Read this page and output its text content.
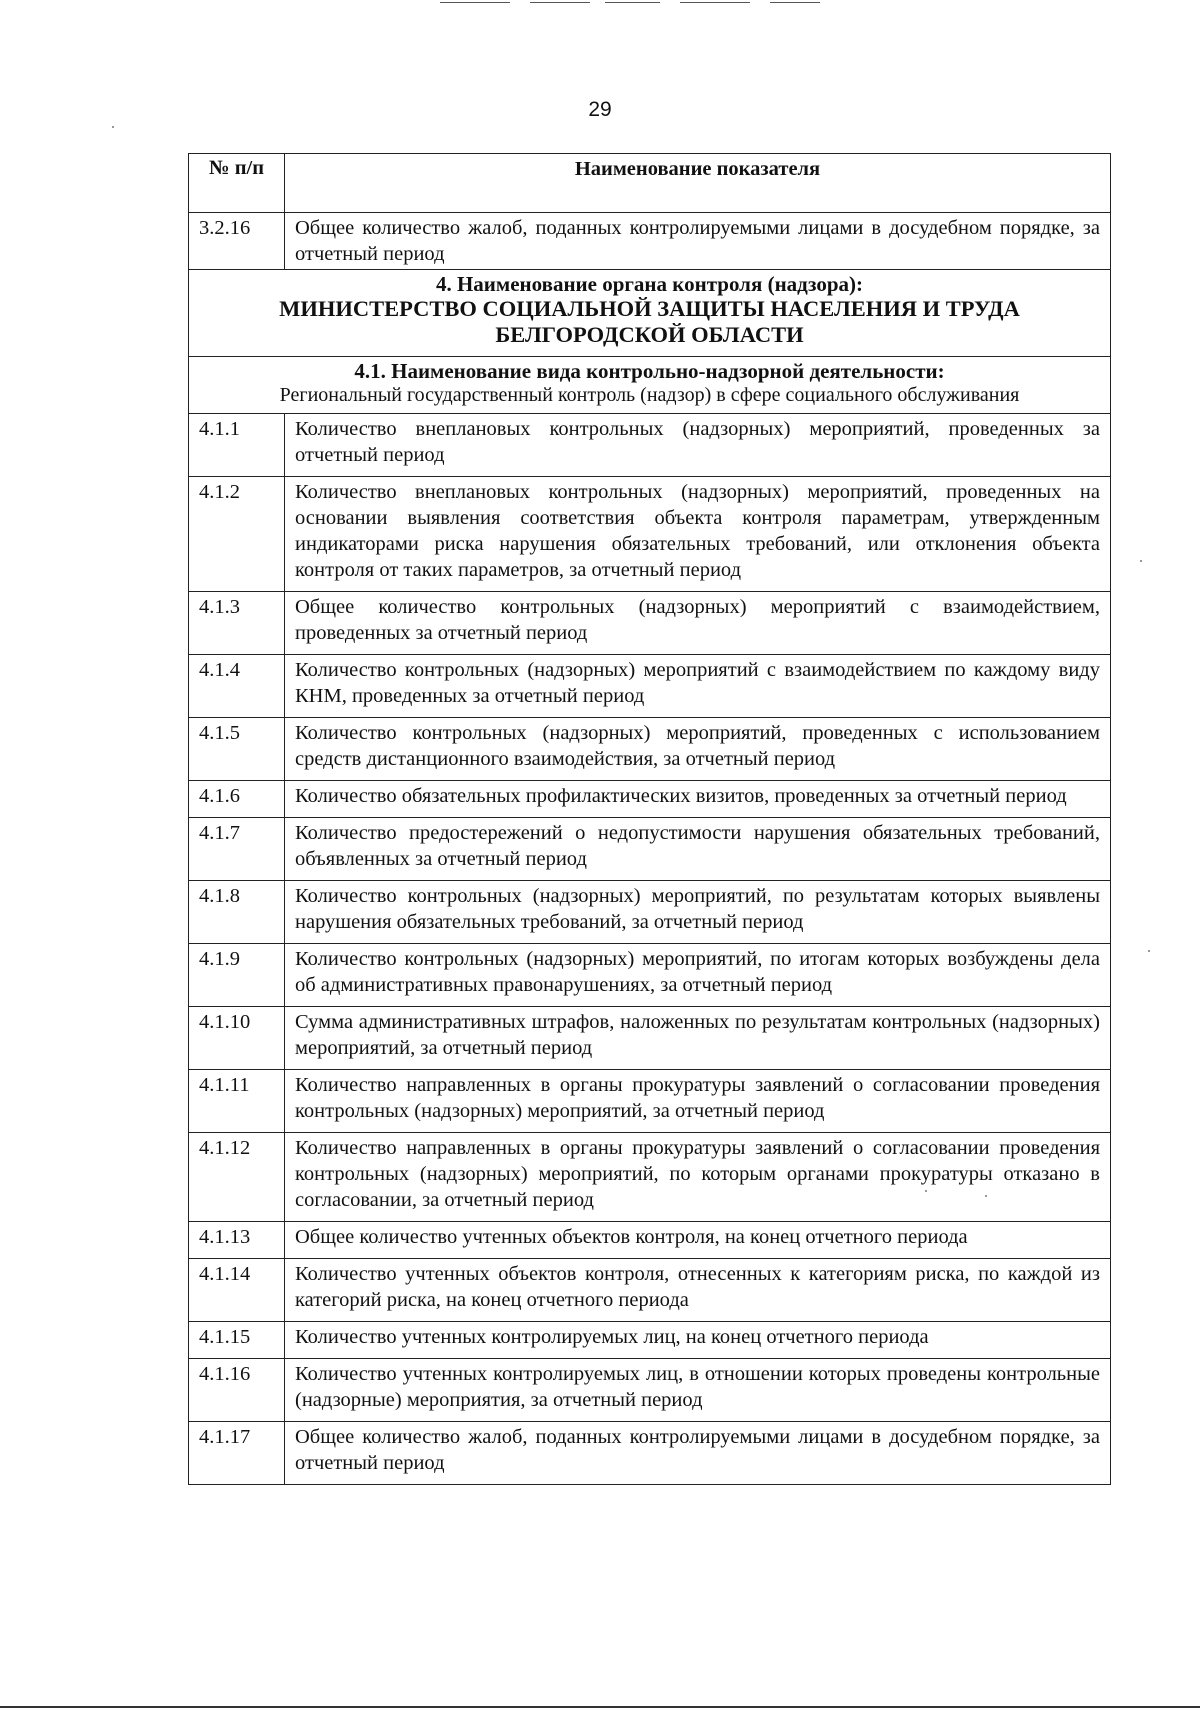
29
№ п/п	Наименование показателя
3.2.16	Общее количество жалоб, поданных контролируемыми лицами в досудебном порядке, за отчетный период

4. Наименование органа контроля (надзора):
МИНИСТЕРСТВО СОЦИАЛЬНОЙ ЗАЩИТЫ НАСЕЛЕНИЯ И ТРУДА БЕЛГОРОДСКОЙ ОБЛАСТИ	

4.1. Наименование вида контрольно-надзорной деятельности:
Региональный государственный контроль (надзор) в сфере социального обслуживания	

4.1.1	Количество внеплановых контрольных (надзорных) мероприятий, проведенных за отчетный период
4.1.2	Количество внеплановых контрольных (надзорных) мероприятий, проведенных на основании выявления соответствия объекта контроля параметрам, утвержденным индикаторами риска нарушения обязательных требований, или отклонения объекта контроля от таких параметров, за отчетный период
4.1.3	Общее количество контрольных (надзорных) мероприятий с взаимодействием, проведенных за отчетный период
4.1.4	Количество контрольных (надзорных) мероприятий с взаимодействием по каждому виду КНМ, проведенных за отчетный период
4.1.5	Количество контрольных (надзорных) мероприятий, проведенных с использованием средств дистанционного взаимодействия, за отчетный период
4.1.6	Количество обязательных профилактических визитов, проведенных за отчетный период
4.1.7	Количество предостережений о недопустимости нарушения обязательных требований, объявленных за отчетный период
4.1.8	Количество контрольных (надзорных) мероприятий, по результатам которых выявлены нарушения обязательных требований, за отчетный период
4.1.9	Количество контрольных (надзорных) мероприятий, по итогам которых возбуждены дела об административных правонарушениях, за отчетный период
4.1.10	Сумма административных штрафов, наложенных по результатам контрольных (надзорных) мероприятий, за отчетный период
4.1.11	Количество направленных в органы прокуратуры заявлений о согласовании проведения контрольных (надзорных) мероприятий, за отчетный период
4.1.12	Количество направленных в органы прокуратуры заявлений о согласовании проведения контрольных (надзорных) мероприятий, по которым органами прокуратуры отказано в согласовании, за отчетный период
4.1.13	Общее количество учтенных объектов контроля, на конец отчетного периода
4.1.14	Количество учтенных объектов контроля, отнесенных к категориям риска, по каждой из категорий риска, на конец отчетного периода
4.1.15	Количество учтенных контролируемых лиц, на конец отчетного периода
4.1.16	Количество учтенных контролируемых лиц, в отношении которых проведены контрольные (надзорные) мероприятия, за отчетный период
4.1.17	Общее количество жалоб, поданных контролируемыми лицами в досудебном порядке, за отчетный период
